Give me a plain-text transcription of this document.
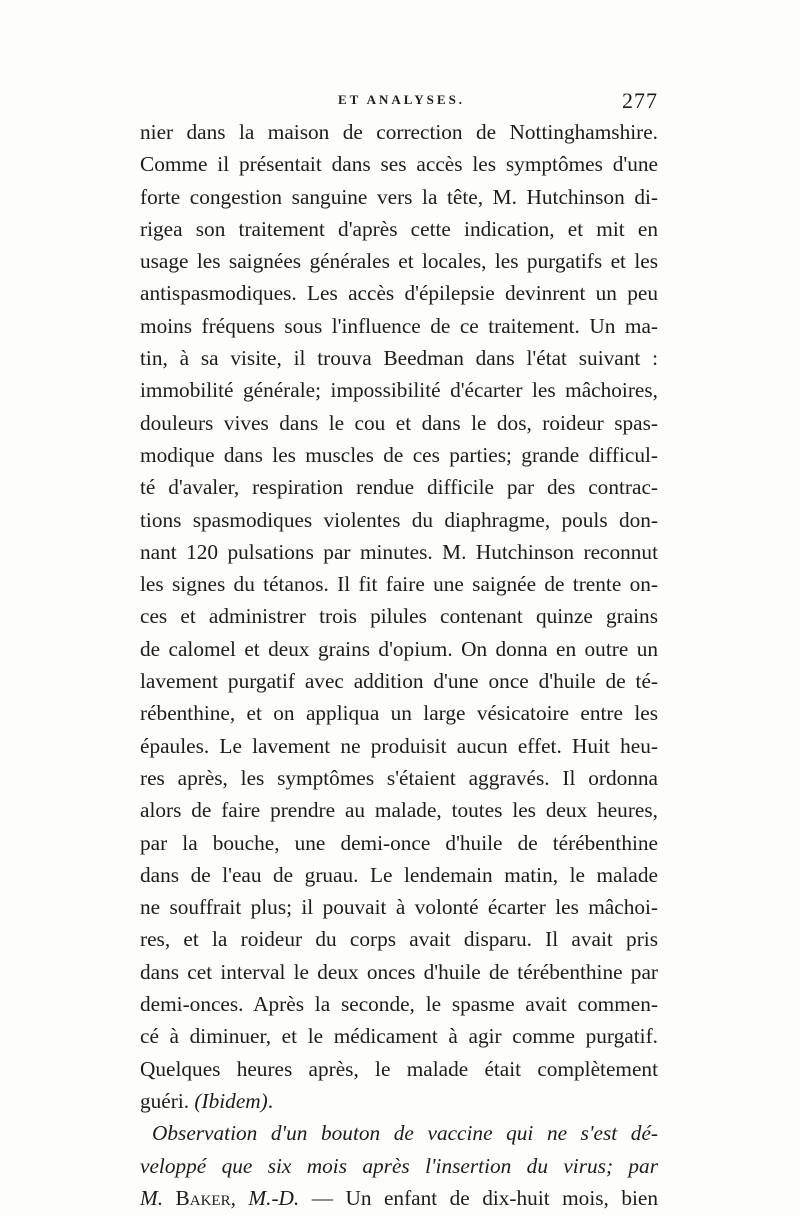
ET ANALYSES.	277
nier dans la maison de correction de Nottinghamshire.
Comme il présentait dans ses accès les symptômes d'une
forte congestion sanguine vers la tête, M. Hutchinson di-
rigea son traitement d'après cette indication, et mit en
usage les saignées générales et locales, les purgatifs et les
antispasmodiques. Les accès d'épilepsie devinrent un peu
moins fréquens sous l'influence de ce traitement. Un ma-
tin, à sa visite, il trouva Beedman dans l'état suivant :
immobilité générale; impossibilité d'écarter les mâchoires,
douleurs vives dans le cou et dans le dos, roideur spas-
modique dans les muscles de ces parties; grande difficul-
té d'avaler, respiration rendue difficile par des contrac-
tions spasmodiques violentes du diaphragme, pouls don-
nant 120 pulsations par minutes. M. Hutchinson reconnut
les signes du tétanos. Il fit faire une saignée de trente on-
ces et administrer trois pilules contenant quinze grains
de calomel et deux grains d'opium. On donna en outre un
lavement purgatif avec addition d'une once d'huile de té-
rébenthine, et on appliqua un large vésicatoire entre les
épaules. Le lavement ne produisit aucun effet. Huit heu-
res après, les symptômes s'étaient aggravés. Il ordonna
alors de faire prendre au malade, toutes les deux heures,
par la bouche, une demi-once d'huile de térébenthine
dans de l'eau de gruau. Le lendemain matin, le malade
ne souffrait plus; il pouvait à volonté écarter les mâchoi-
res, et la roideur du corps avait disparu. Il avait pris
dans cet interval le deux onces d'huile de térébenthine par
demi-onces. Après la seconde, le spasme avait commen-
cé à diminuer, et le médicament à agir comme purgatif.
Quelques heures après, le malade était complètement
guéri. (Ibidem).
Observation d'un bouton de vaccine qui ne s'est dé-
veloppé que six mois après l'insertion du virus; par
M. Baker, M.-D. — Un enfant de dix-huit mois, bien
